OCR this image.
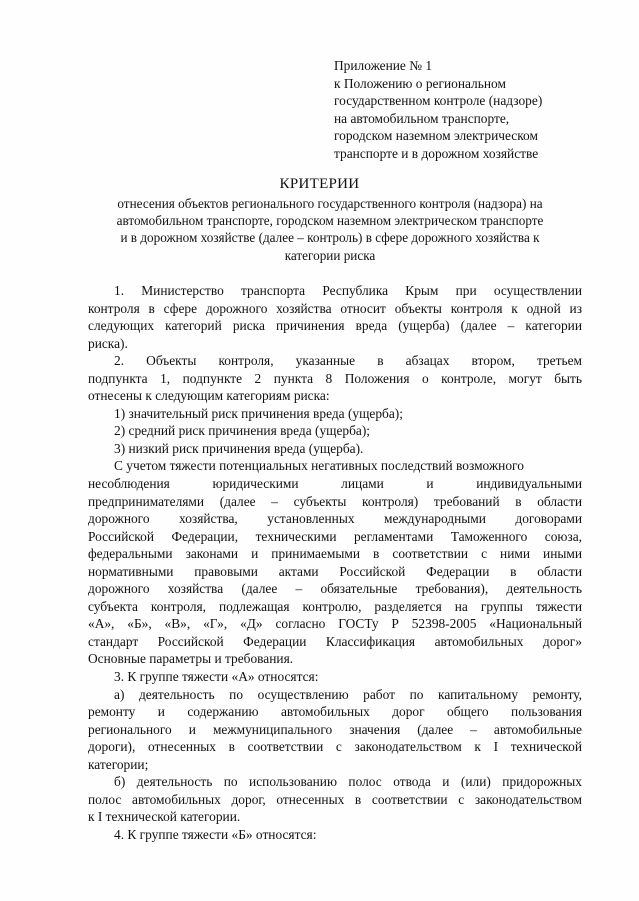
Приложение № 1
к Положению о региональном
государственном контроле (надзоре)
на автомобильном транспорте,
городском наземном электрическом
транспорте и в дорожном хозяйстве
КРИТЕРИИ
отнесения объектов регионального государственного контроля (надзора) на
автомобильном транспорте, городском наземном электрическом транспорте
и в дорожном хозяйстве (далее – контроль) в сфере дорожного хозяйства к
категории риска
1. Министерство транспорта Республика Крым при осуществлении
контроля в сфере дорожного хозяйства относит объекты контроля к одной из
следующих категорий риска причинения вреда (ущерба) (далее – категории
риска).
2. Объекты контроля, указанные в абзацах втором, третьем
подпункта 1, подпункте 2 пункта 8 Положения о контроле, могут быть
отнесены к следующим категориям риска:
1) значительный риск причинения вреда (ущерба);
2) средний риск причинения вреда (ущерба);
3) низкий риск причинения вреда (ущерба).
С учетом тяжести потенциальных негативных последствий возможного
несоблюдения юридическими лицами и индивидуальными
предпринимателями (далее – субъекты контроля) требований в области
дорожного хозяйства, установленных международными договорами
Российской Федерации, техническими регламентами Таможенного союза,
федеральными законами и принимаемыми в соответствии с ними иными
нормативными правовыми актами Российской Федерации в области
дорожного хозяйства (далее – обязательные требования), деятельность
субъекта контроля, подлежащая контролю, разделяется на группы тяжести
«А», «Б», «В», «Г», «Д» согласно ГОСТу Р 52398-2005 «Национальный
стандарт Российской Федерации Классификация автомобильных дорог»
Основные параметры и требования.
3. К группе тяжести «А» относятся:
а) деятельность по осуществлению работ по капитальному ремонту,
ремонту и содержанию автомобильных дорог общего пользования
регионального и межмуниципального значения (далее – автомобильные
дороги), отнесенных в соответствии с законодательством к I технической
категории;
б) деятельность по использованию полос отвода и (или) придорожных
полос автомобильных дорог, отнесенных в соответствии с законодательством
к I технической категории.
4. К группе тяжести «Б» относятся:
